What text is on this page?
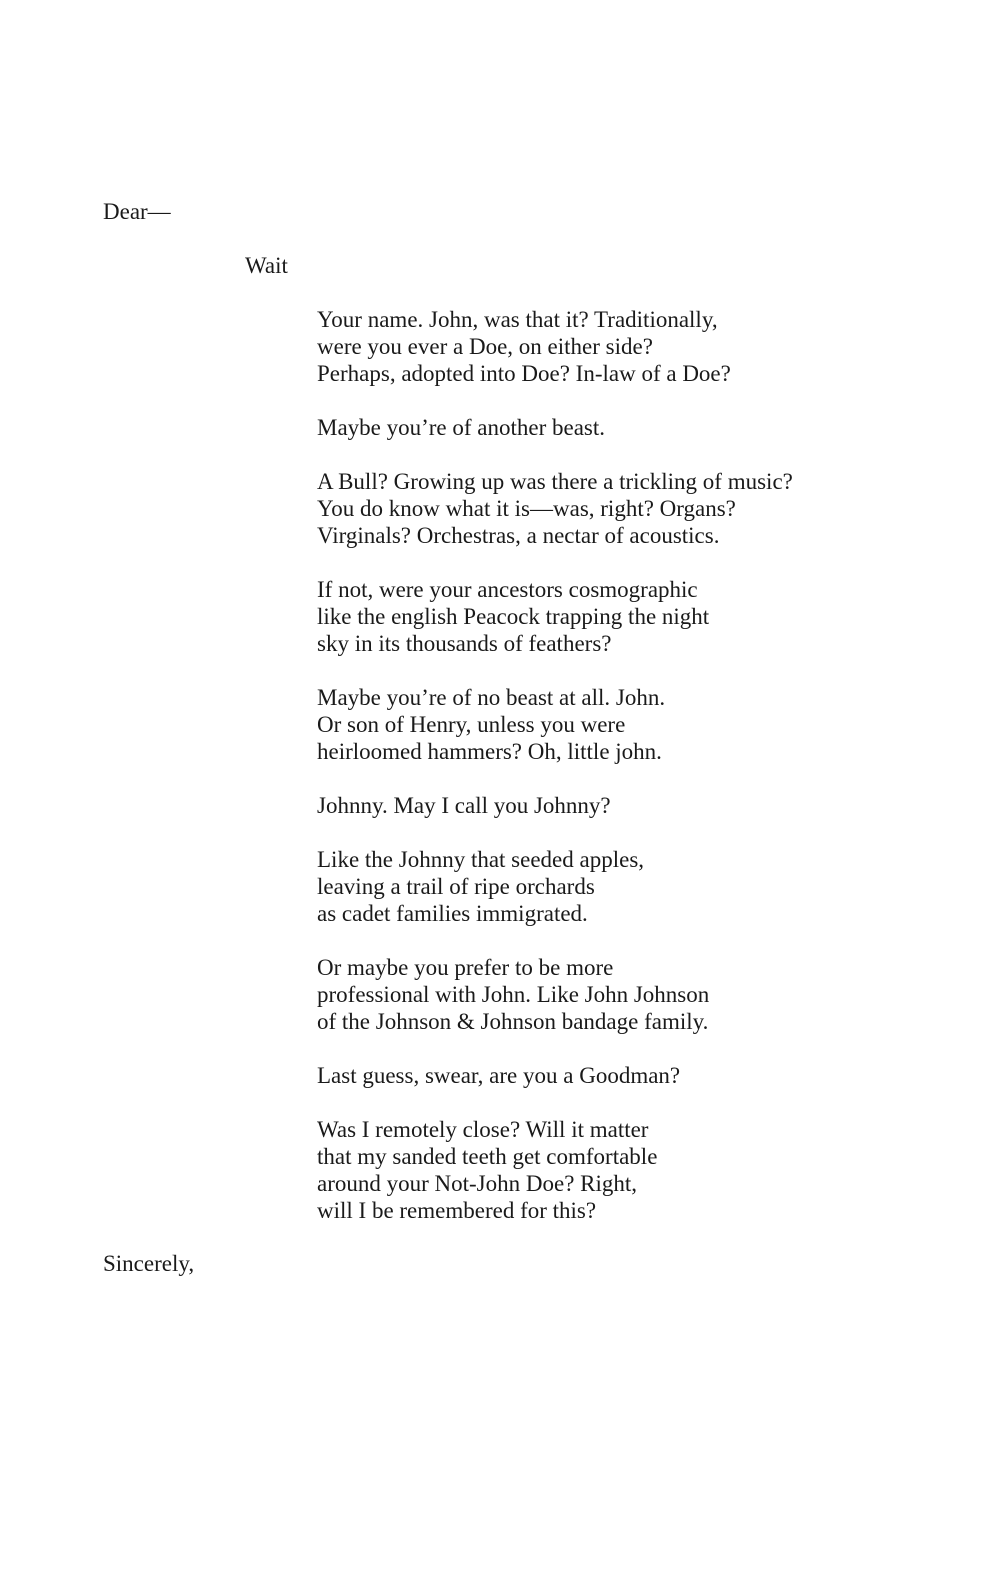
Dear—

Wait

Your name. John, was that it? Traditionally,
were you ever a Doe, on either side?
Perhaps, adopted into Doe? In-law of a Doe?
Maybe you’re of another beast.
A Bull? Growing up was there a trickling of music?
You do know what it is—was, right? Organs?
Virginals? Orchestras, a nectar of acoustics.
If not, were your ancestors cosmographic
like the english Peacock trapping the night
sky in its thousands of feathers?
Maybe you’re of no beast at all. John.
Or son of Henry, unless you were
heirloomed hammers? Oh, little john.
Johnny. May I call you Johnny?
Like the Johnny that seeded apples,
leaving a trail of ripe orchards
as cadet families immigrated.
Or maybe you prefer to be more
professional with John. Like John Johnson
of the Johnson & Johnson bandage family.
Last guess, swear, are you a Goodman?
Was I remotely close? Will it matter
that my sanded teeth get comfortable
around your Not-John Doe? Right,
will I be remembered for this?

Sincerely,
